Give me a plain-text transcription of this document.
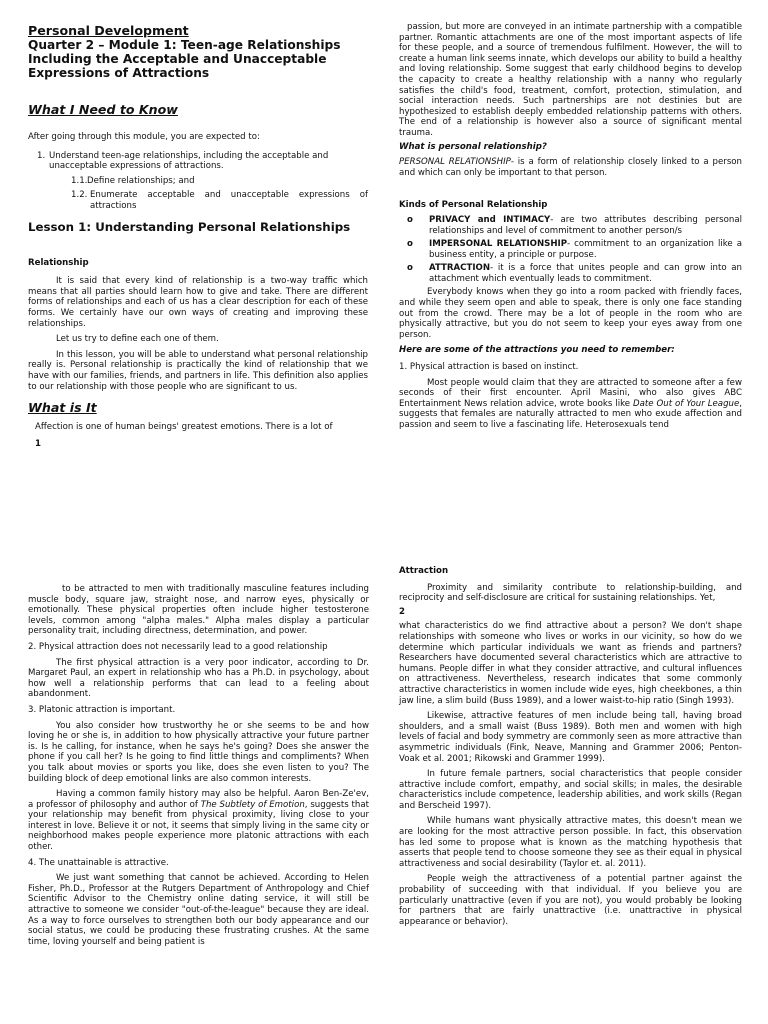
Personal Development
Quarter 2 – Module 1: Teen-age Relationships Including the Acceptable and Unacceptable Expressions of Attractions
What I Need to Know

After going through this module, you are expected to:

1. Understand teen-age relationships, including the acceptable and unacceptable expressions of attractions.
1.1. Define relationships; and
1.2. Enumerate acceptable and unacceptable expressions of attractions
Lesson 1: Understanding Personal Relationships

Relationship

It is said that every kind of relationship is a two-way traffic which means that all parties should learn how to give and take. There are different forms of relationships and each of us has a clear description for each of these forms. We certainly have our own ways of creating and improving these relationships.

Let us try to define each one of them.

In this lesson, you will be able to understand what personal relationship really is. Personal relationship is practically the kind of relationship that we have with our families, friends, and partners in life. This definition also applies to our relationship with those people who are significant to us.

What is It

Affection is one of human beings' greatest emotions. There is a lot of

1

passion, but more are conveyed in an intimate partnership with a compatible partner. Romantic attachments are one of the most important aspects of life for these people, and a source of tremendous fulfilment. However, the will to create a human link seems innate, which develops our ability to build a healthy and loving relationship. Some suggest that early childhood begins to develop the capacity to create a healthy relationship with a nanny who regularly satisfies the child's food, treatment, comfort, protection, stimulation, and social interaction needs. Such partnerships are not destinies but are hypothesized to establish deeply embedded relationship patterns with others. The end of a relationship is however also a source of significant mental trauma.

What is personal relationship?

PERSONAL RELATIONSHIP- is a form of relationship closely linked to a person and which can only be important to that person.

Kinds of Personal Relationship

o	PRIVACY and INTIMACY- are two attributes describing personal relationships and level of commitment to another person/s
o	IMPERSONAL RELATIONSHIP- commitment to an organization like a business entity, a principle or purpose.
o	ATTRACTION- it is a force that unites people and can grow into an attachment which eventually leads to commitment.

Everybody knows when they go into a room packed with friendly faces, and while they seem open and able to speak, there is only one face standing out from the crowd. There may be a lot of people in the room who are physically attractive, but you do not seem to keep your eyes away from one person.

Here are some of the attractions you need to remember:

1. Physical attraction is based on instinct.

Most people would claim that they are attracted to someone after a few seconds of their first encounter. April Masini, who also gives ABC Entertainment News relation advice, wrote books like Date Out of Your League, suggests that females are naturally attracted to men who exude affection and passion and seem to live a fascinating life. Heterosexuals tend

to be attracted to men with traditionally masculine features including muscle body, square jaw, straight nose, and narrow eyes, physically or emotionally. These physical properties often include higher testosterone levels, common among "alpha males." Alpha males display a particular personality trait, including directness, determination, and power.

2. Physical attraction does not necessarily lead to a good relationship

The first physical attraction is a very poor indicator, according to Dr. Margaret Paul, an expert in relationship who has a Ph.D. in psychology, about how well a relationship performs that can lead to a feeling about abandonment.

3. Platonic attraction is important.

You also consider how trustworthy he or she seems to be and how loving he or she is, in addition to how physically attractive your future partner is. Is he calling, for instance, when he says he's going? Does she answer the phone if you call her? Is he going to find little things and compliments? When you talk about movies or sports you like, does she even listen to you? The building block of deep emotional links are also common interests.

Having a common family history may also be helpful. Aaron Ben-Ze'ev, a professor of philosophy and author of The Subtlety of Emotion, suggests that your relationship may benefit from physical proximity, living close to your interest in love. Believe it or not, it seems that simply living in the same city or neighborhood makes people experience more platonic attractions with each other.

4. The unattainable is attractive.

We just want something that cannot be achieved. According to Helen Fisher, Ph.D., Professor at the Rutgers Department of Anthropology and Chief Scientific Advisor to the Chemistry online dating service, it will still be attractive to someone we consider "out-of-the-league" because they are ideal. As a way to force ourselves to strengthen both our body appearance and our social status, we could be producing these frustrating crushes. At the same time, loving yourself and being patient is

Attraction

Proximity and similarity contribute to relationship-building, and reciprocity and self-disclosure are critical for sustaining relationships. Yet,

2

what characteristics do we find attractive about a person? We don't shape relationships with someone who lives or works in our vicinity, so how do we determine which particular individuals we want as friends and partners? Researchers have documented several characteristics which are attractive to humans. People differ in what they consider attractive, and cultural influences on attractiveness. Nevertheless, research indicates that some commonly attractive characteristics in women include wide eyes, high cheekbones, a thin jaw line, a slim build (Buss 1989), and a lower waist-to-hip ratio (Singh 1993).

Likewise, attractive features of men include being tall, having broad shoulders, and a small waist (Buss 1989). Both men and women with high levels of facial and body symmetry are commonly seen as more attractive than asymmetric individuals (Fink, Neave, Manning and Grammer 2006; Penton-Voak et al. 2001; Rikowski and Grammer 1999).

In future female partners, social characteristics that people consider attractive include comfort, empathy, and social skills; in males, the desirable characteristics include competence, leadership abilities, and work skills (Regan and Berscheid 1997).

While humans want physically attractive mates, this doesn't mean we are looking for the most attractive person possible. In fact, this observation has led some to propose what is known as the matching hypothesis that asserts that people tend to choose someone they see as their equal in physical attractiveness and social desirability (Taylor et. al. 2011).

People weigh the attractiveness of a potential partner against the probability of succeeding with that individual. If you believe you are particularly unattractive (even if you are not), you would probably be looking for partners that are fairly unattractive (i.e. unattractive in physical appearance or behavior).
